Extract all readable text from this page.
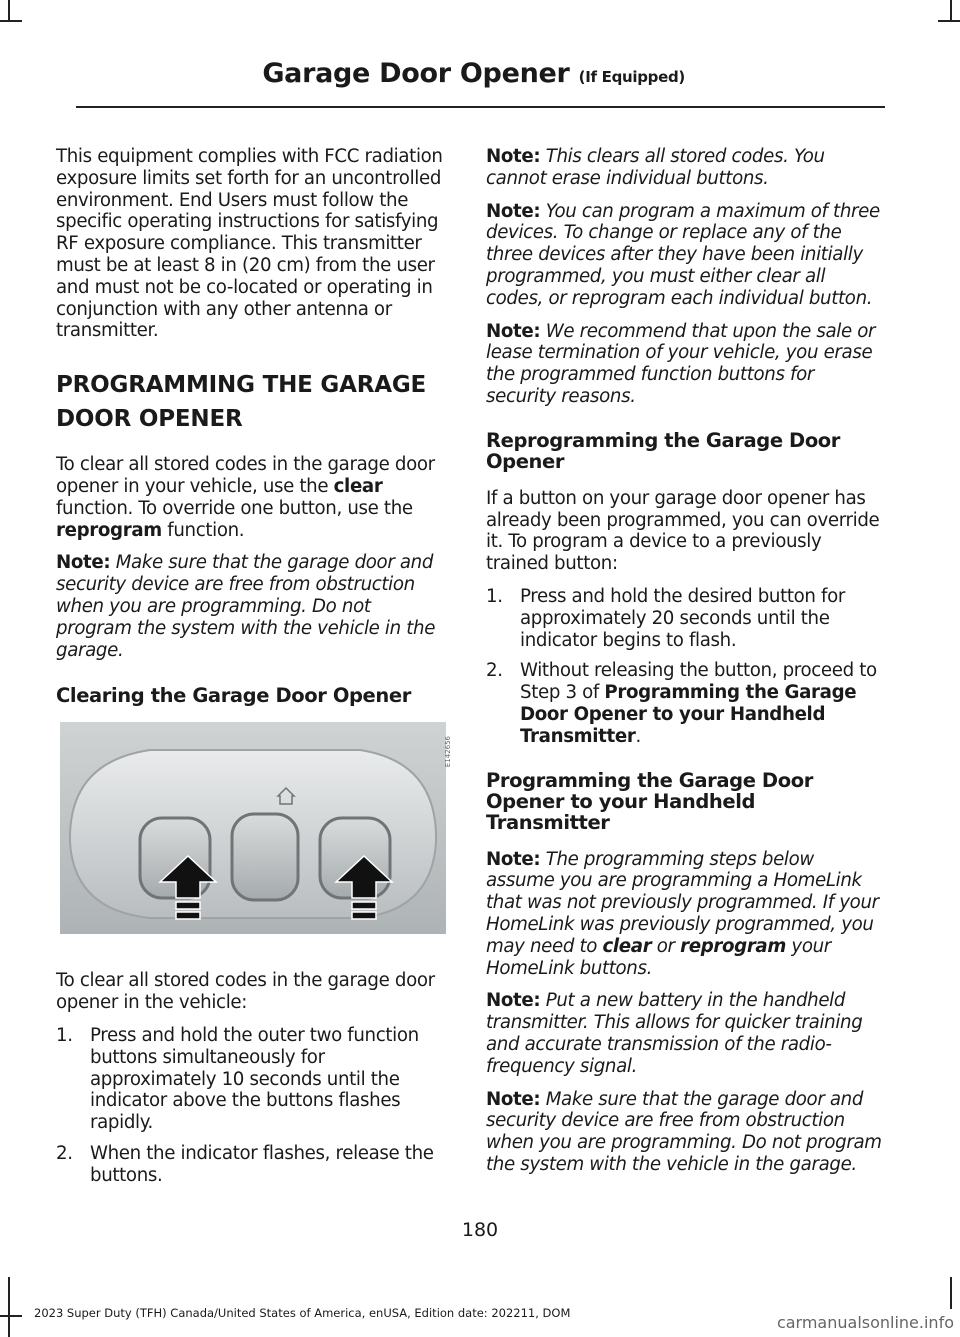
Garage Door Opener (If Equipped)

This equipment complies with FCC radiation exposure limits set forth for an uncontrolled environment. End Users must follow the specific operating instructions for satisfying RF exposure compliance. This transmitter must be at least 8 in (20 cm) from the user and must not be co-located or operating in conjunction with any other antenna or transmitter.

PROGRAMMING THE GARAGE
DOOR OPENER

To clear all stored codes in the garage door opener in your vehicle, use the clear function. To override one button, use the reprogram function.

Note: Make sure that the garage door and security device are free from obstruction when you are programming. Do not program the system with the vehicle in the garage.

Clearing the Garage Door Opener
E142656

To clear all stored codes in the garage door opener in the vehicle:

1. Press and hold the outer two function buttons simultaneously for approximately 10 seconds until the indicator above the buttons flashes rapidly.
2. When the indicator flashes, release the buttons.

Note: This clears all stored codes. You cannot erase individual buttons.

Note: You can program a maximum of three devices. To change or replace any of the three devices after they have been initially programmed, you must either clear all codes, or reprogram each individual button.

Note: We recommend that upon the sale or lease termination of your vehicle, you erase the programmed function buttons for security reasons.

Reprogramming the Garage Door Opener

If a button on your garage door opener has already been programmed, you can override it. To program a device to a previously trained button:

1. Press and hold the desired button for approximately 20 seconds until the indicator begins to flash.
2. Without releasing the button, proceed to Step 3 of Programming the Garage Door Opener to your Handheld Transmitter.
Programming the Garage Door Opener to your Handheld Transmitter

Note: The programming steps below assume you are programming a HomeLink that was not previously programmed. If your HomeLink was previously programmed, you may need to clear or reprogram your HomeLink buttons.

Note: Put a new battery in the handheld transmitter. This allows for quicker training and accurate transmission of the radio-frequency signal.

Note: Make sure that the garage door and security device are free from obstruction when you are programming. Do not program the system with the vehicle in the garage.

180
2023 Super Duty (TFH) Canada/United States of America, enUSA, Edition date: 202211, DOM	carmanualsonline.info
